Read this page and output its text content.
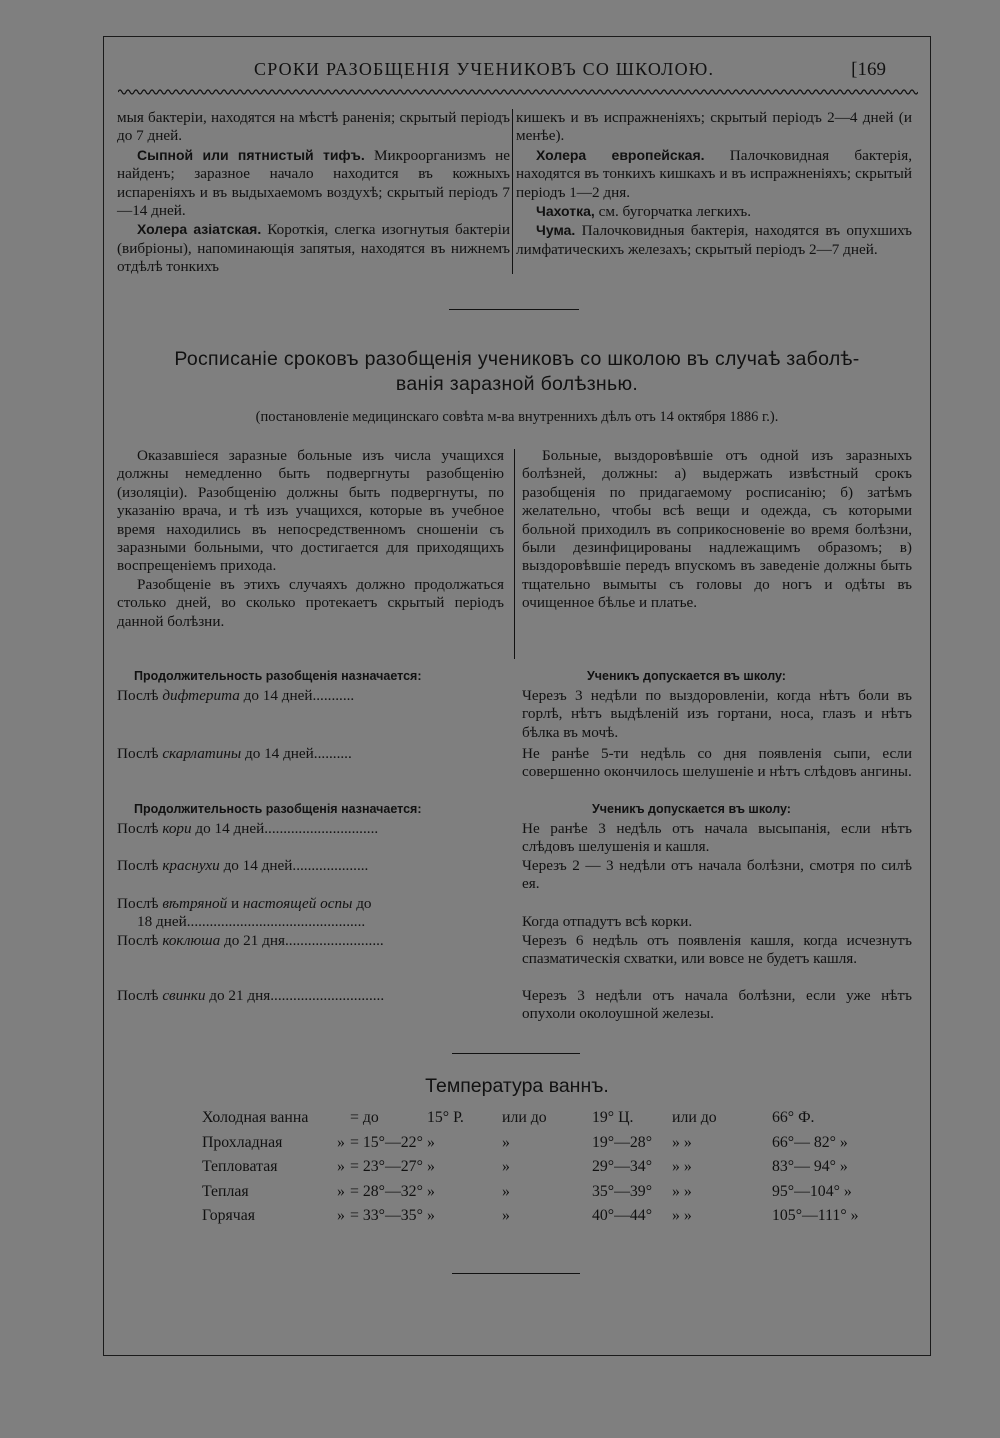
СРОКИ РАЗОБЩЕНІЯ УЧЕНИКОВЪ СО ШКОЛОЮ.	[169

мыя бактеріи, находятся на мѣстѣ раненія; скрытый періодъ до 7 дней.

Сыпной или пятнистый тифъ. Микроорганизмъ не найденъ; заразное начало находится въ кожныхъ испареніяхъ и въ выдыхаемомъ воздухѣ; скрытый періодъ 7—14 дней.

Холера азіатская. Короткія, слегка изогнутыя бактеріи (вибріоны), напоминающія запятыя, находятся въ нижнемъ отдѣлѣ тонкихъ

кишекъ и въ испражненіяхъ; скрытый періодъ 2—4 дней (и менѣе).

Холера европейская. Палочковидная бактерія, находятся въ тонкихъ кишкахъ и въ испражненіяхъ; скрытый періодъ 1—2 дня.

Чахотка, см. бугорчатка легкихъ.

Чума. Палочковидныя бактерія, находятся въ опухшихъ лимфатическихъ железахъ; скрытый періодъ 2—7 дней.

Росписаніе сроковъ разобщенія учениковъ со школою въ случаѣ заболѣ-
ванія заразной болѣзнью.
(постановленіе медицинскаго совѣта м-ва внутреннихъ дѣлъ отъ 14 октября 1886 г.).

Оказавшіеся заразные больные изъ числа учащихся должны немедленно быть подвергнуты разобщенію (изоляціи). Разобщенію должны быть подвергнуты, по указанію врача, и тѣ изъ учащихся, которые въ учебное время находились въ непосредственномъ сношеніи съ заразными больными, что достигается для приходящихъ воспрещеніемъ прихода.

Разобщеніе въ этихъ случаяхъ должно продолжаться столько дней, во сколько протекаетъ скрытый періодъ данной болѣзни.

Больные, выздоровѣвшіе отъ одной изъ заразныхъ болѣзней, должны: а) выдержать извѣстный срокъ разобщенія по придагаемому росписанію; б) затѣмъ желательно, чтобы всѣ вещи и одежда, съ которыми больной приходилъ въ соприкосновеніе во время болѣзни, были дезинфицированы надлежащимъ образомъ; в) выздоровѣвшіе передъ впускомъ въ заведеніе должны быть тщательно вымыты съ головы до ногъ и одѣты въ очищенное бѣлье и платье.

Продолжительность разобщенія назначается:	Ученикъ допускается въ школу:
Послѣ дифтерита до 14 дней...........	Черезъ 3 недѣли по выздоровленіи, когда нѣтъ боли въ горлѣ, нѣтъ выдѣленій изъ гортани, носа, глазъ и нѣтъ бѣлка въ мочѣ.
Послѣ скарлатины до 14 дней..........	Не ранѣе 5-ти недѣль со дня появленія сыпи, если совершенно окончилось шелушеніе и нѣтъ слѣдовъ ангины.
Продолжительность разобщенія назначается:	Ученикъ допускается въ школу:
Послѣ кори до 14 дней..............................	Не ранѣе 3 недѣль отъ начала высыпанія, если нѣтъ слѣдовъ шелушенія и кашля.
Послѣ краснухи до 14 дней....................	Черезъ 2 — 3 недѣли отъ начала болѣзни, смотря по силѣ ея.
Послѣ вѣтряной и настоящей оспы до
18 дней...............................................	Когда отпадутъ всѣ корки.
Послѣ коклюша до 21 дня..........................	Черезъ 6 недѣль отъ появленія кашля, когда исчезнутъ спазматическія схватки, или вовсе не будетъ кашля.
Послѣ свинки до 21 дня..............................	Черезъ 3 недѣли отъ начала болѣзни, если уже нѣтъ опухоли околоушной железы.
Температура ваннъ.
Холодная ванна	= до	15° Р. или до	19° Ц. или до	66° Ф.
Прохладная	» = 15°—22° »	»	19°—28° » »	66°— 82° »
Тепловатая	» = 23°—27° »	»	29°—34° » »	83°— 94° »
Теплая	» = 28°—32° »	»	35°—39° » »	95°—104° »
Горячая	» = 33°—35° »	»	40°—44° » »	105°—111° »
